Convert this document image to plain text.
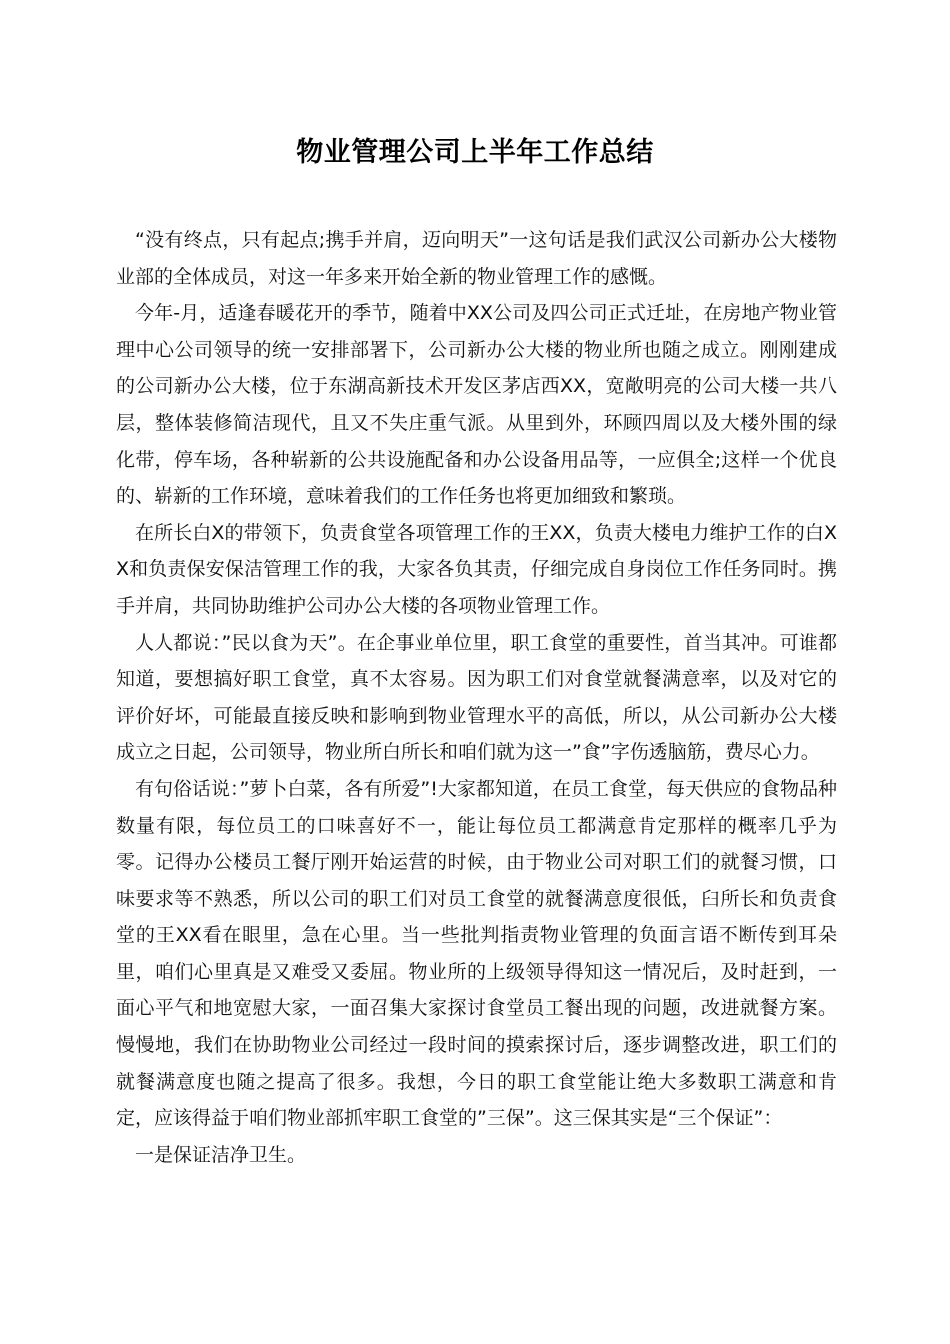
物业管理公司上半年工作总结

“没有终点，只有起点;携手并肩，迈向明天”一这句话是我们武汉公司新办公大楼物业部的全体成员，对这一年多来开始全新的物业管理工作的感慨。

今年-月，适逢春暖花开的季节，随着中XX公司及四公司正式迁址，在房地产物业管理中心公司领导的统一安排部署下，公司新办公大楼的物业所也随之成立。刚刚建成的公司新办公大楼，位于东湖高新技术开发区茅店西XX，宽敞明亮的公司大楼一共八层，整体装修简洁现代，且又不失庄重气派。从里到外，环顾四周以及大楼外围的绿化带，停车场，各种崭新的公共设施配备和办公设备用品等，一应俱全;这样一个优良的、崭新的工作环境，意味着我们的工作任务也将更加细致和繁琐。

在所长白X的带领下，负责食堂各项管理工作的王XX，负责大楼电力维护工作的白XX和负责保安保洁管理工作的我，大家各负其责，仔细完成自身岗位工作任务同时。携手并肩，共同协助维护公司办公大楼的各项物业管理工作。

人人都说：”民以食为天”。在企事业单位里，职工食堂的重要性，首当其冲。可谁都知道，要想搞好职工食堂，真不太容易。因为职工们对食堂就餐满意率，以及对它的评价好坏，可能最直接反映和影响到物业管理水平的高低，所以，从公司新办公大楼成立之日起，公司领导，物业所白所长和咱们就为这一”食”字伤透脑筋，费尽心力。

有句俗话说：”萝卜白菜，各有所爱”!大家都知道，在员工食堂，每天供应的食物品种数量有限，每位员工的口味喜好不一，能让每位员工都满意肯定那样的概率几乎为零。记得办公楼员工餐厅刚开始运营的时候，由于物业公司对职工们的就餐习惯，口味要求等不熟悉，所以公司的职工们对员工食堂的就餐满意度很低，臼所长和负责食堂的王XX看在眼里，急在心里。当一些批判指责物业管理的负面言语不断传到耳朵里，咱们心里真是又难受又委屈。物业所的上级领导得知这一情况后，及时赶到，一面心平气和地宽慰大家，一面召集大家探讨食堂员工餐出现的问题，改进就餐方案。慢慢地，我们在协助物业公司经过一段时间的摸索探讨后，逐步调整改进，职工们的就餐满意度也随之提高了很多。我想，今日的职工食堂能让绝大多数职工满意和肯定，应该得益于咱们物业部抓牢职工食堂的”三保”。这三保其实是“三个保证”：

一是保证洁净卫生。
